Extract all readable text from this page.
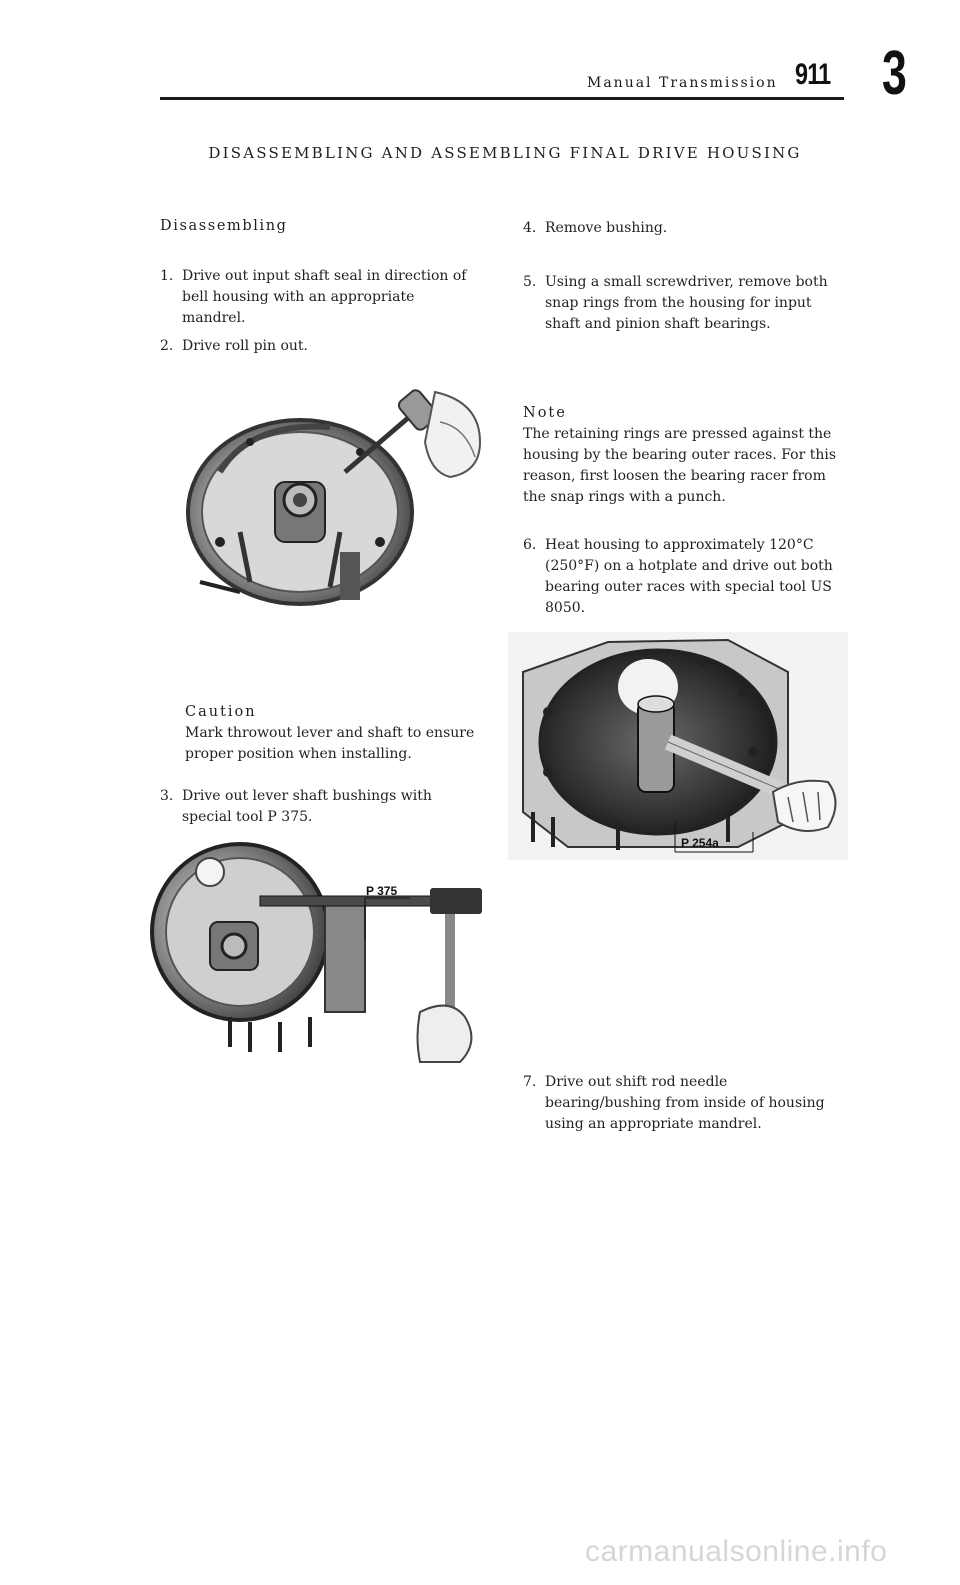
Manual Transmission 911 3
DISASSEMBLING AND ASSEMBLING FINAL DRIVE HOUSING
Disassembling
1. Drive out input shaft seal in direction of bell housing with an appropriate mandrel.
2. Drive roll pin out.
Caution
Mark throwout lever and shaft to ensure proper position when installing.
3. Drive out lever shaft bushings with special tool P 375.
P 375
4. Remove bushing.
5. Using a small screwdriver, remove both snap rings from the housing for input shaft and pinion shaft bearings.
Note
The retaining rings are pressed against the housing by the bearing outer races. For this reason, first loosen the bearing racer from the snap rings with a punch.
6. Heat housing to approximately 120°C (250°F) on a hotplate and drive out both bearing outer races with special tool US 8050.
P 254a
7. Drive out shift rod needle bearing/bushing from inside of housing using an appropriate mandrel.
carmanualsonline.info
